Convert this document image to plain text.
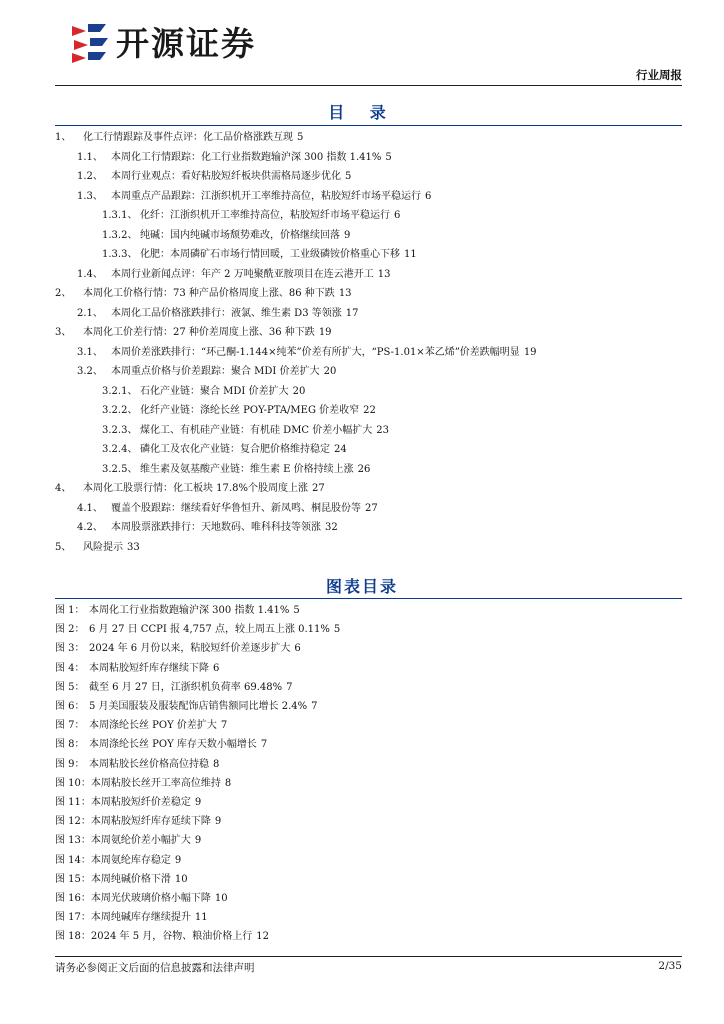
开源证券
行业周报
目 录
1、	化工行情跟踪及事件点评：化工品价格涨跌互现 5
1.1、 本周化工行情跟踪：化工行业指数跑输沪深 300 指数 1.41% 5
1.2、 本周行业观点：看好粘胶短纤板块供需格局逐步优化 5
1.3、 本周重点产品跟踪：江浙织机开工率维持高位，粘胶短纤市场平稳运行 6
1.3.1、 化纤：江浙织机开工率维持高位，粘胶短纤市场平稳运行 6
1.3.2、 纯碱：国内纯碱市场颓势难改，价格继续回落 9
1.3.3、 化肥：本周磷矿石市场行情回暖，工业级磷铵价格重心下移 11
1.4、 本周行业新闻点评：年产 2 万吨聚酰亚胺项目在连云港开工 13
2、	本周化工价格行情：73 种产品价格周度上涨、86 种下跌 13
2.1、 本周化工品价格涨跌排行：液氯、维生素 D3 等领涨 17
3、	本周化工价差行情：27 种价差周度上涨、36 种下跌 19
3.1、 本周价差涨跌排行：“环己酮-1.144×纯苯”价差有所扩大，“PS-1.01×苯乙烯”价差跌幅明显 19
3.2、 本周重点价格与价差跟踪：聚合 MDI 价差扩大 20
3.2.1、 石化产业链：聚合 MDI 价差扩大 20
3.2.2、 化纤产业链：涤纶长丝 POY-PTA/MEG 价差收窄 22
3.2.3、 煤化工、有机硅产业链：有机硅 DMC 价差小幅扩大 23
3.2.4、 磷化工及农化产业链：复合肥价格维持稳定 24
3.2.5、 维生素及氨基酸产业链：维生素 E 价格持续上涨 26
4、	本周化工股票行情：化工板块 17.8%个股周度上涨 27
4.1、 覆盖个股跟踪：继续看好华鲁恒升、新凤鸣、桐昆股份等 27
4.2、 本周股票涨跌排行：天地数码、唯科科技等领涨 32
5、	风险提示 33
图表目录
图 1： 本周化工行业指数跑输沪深 300 指数 1.41% 5
图 2： 6 月 27 日 CCPI 报 4,757 点，较上周五上涨 0.11% 5
图 3： 2024 年 6 月份以来，粘胶短纤价差逐步扩大 6
图 4： 本周粘胶短纤库存继续下降 6
图 5： 截至 6 月 27 日，江浙织机负荷率 69.48% 7
图 6： 5 月美国服装及服装配饰店销售额同比增长 2.4% 7
图 7： 本周涤纶长丝 POY 价差扩大 7
图 8： 本周涤纶长丝 POY 库存天数小幅增长 7
图 9： 本周粘胶长丝价格高位持稳 8
图 10： 本周粘胶长丝开工率高位维持 8
图 11： 本周粘胶短纤价差稳定 9
图 12： 本周粘胶短纤库存延续下降 9
图 13： 本周氨纶价差小幅扩大 9
图 14： 本周氨纶库存稳定 9
图 15： 本周纯碱价格下滑 10
图 16： 本周光伏玻璃价格小幅下降 10
图 17： 本周纯碱库存继续提升 11
图 18： 2024 年 5 月，谷物、粮油价格上行 12
请务必参阅正文后面的信息披露和法律声明	2/35
